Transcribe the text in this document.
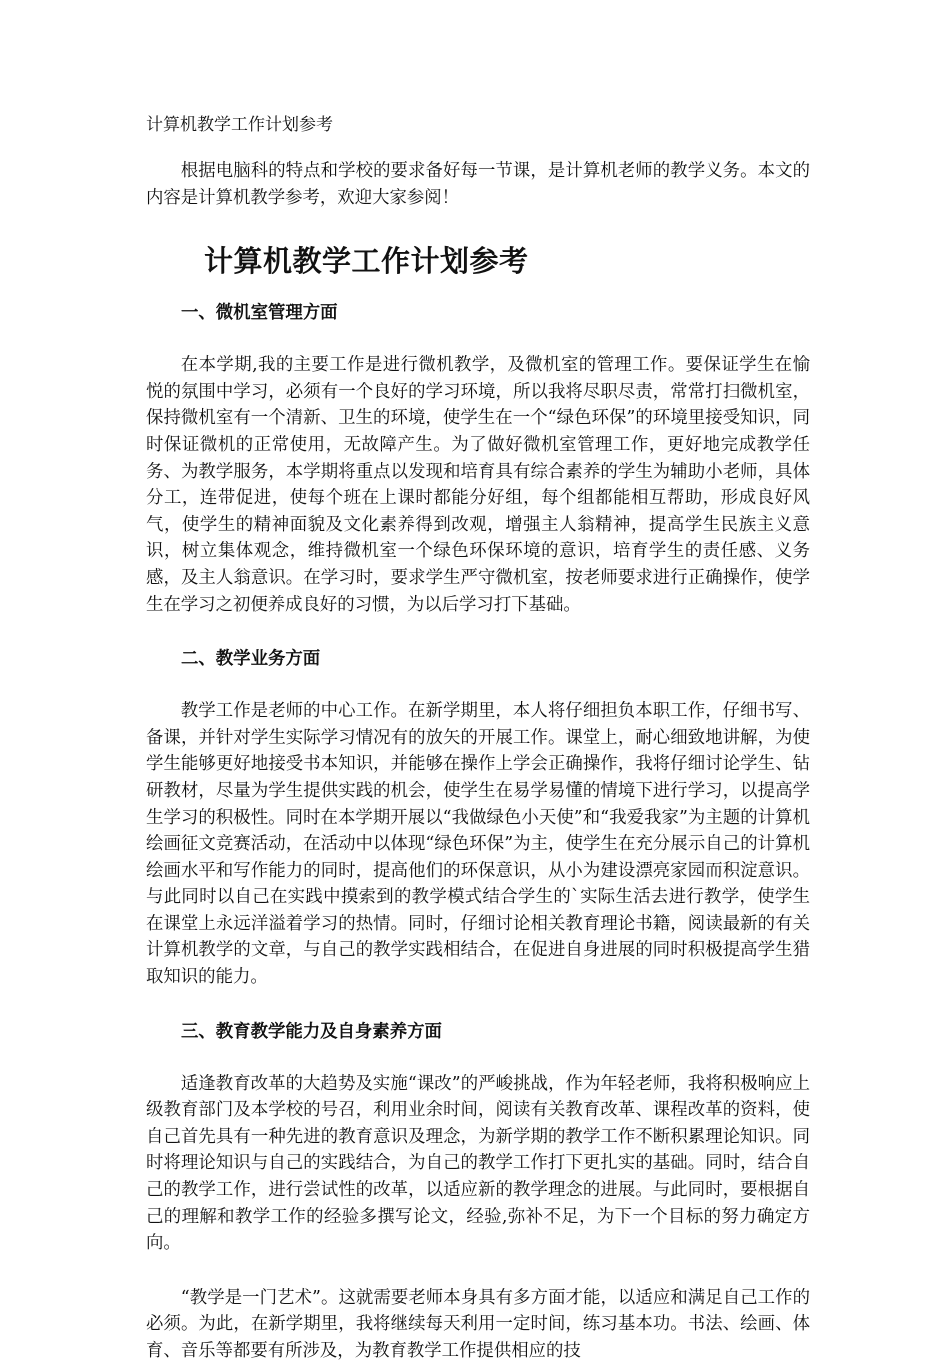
计算机教学工作计划参考

根据电脑科的特点和学校的要求备好每一节课，是计算机老师的教学义务。本文的内容是计算机教学参考，欢迎大家参阅！

计算机教学工作计划参考
一、微机室管理方面

在本学期,我的主要工作是进行微机教学，及微机室的管理工作。要保证学生在愉悦的氛围中学习，必须有一个良好的学习环境，所以我将尽职尽责，常常打扫微机室，保持微机室有一个清新、卫生的环境，使学生在一个“绿色环保”的环境里接受知识，同时保证微机的正常使用，无故障产生。为了做好微机室管理工作，更好地完成教学任务、为教学服务，本学期将重点以发现和培育具有综合素养的学生为辅助小老师，具体分工，连带促进，使每个班在上课时都能分好组，每个组都能相互帮助，形成良好风气，使学生的精神面貌及文化素养得到改观，增强主人翁精神，提高学生民族主义意识，树立集体观念，维持微机室一个绿色环保环境的意识，培育学生的责任感、义务感，及主人翁意识。在学习时，要求学生严守微机室，按老师要求进行正确操作，使学生在学习之初便养成良好的习惯，为以后学习打下基础。

二、教学业务方面

教学工作是老师的中心工作。在新学期里，本人将仔细担负本职工作，仔细书写、备课，并针对学生实际学习情况有的放矢的开展工作。课堂上，耐心细致地讲解，为使学生能够更好地接受书本知识，并能够在操作上学会正确操作，我将仔细讨论学生、钻研教材，尽量为学生提供实践的机会，使学生在易学易懂的情境下进行学习，以提高学生学习的积极性。同时在本学期开展以“我做绿色小天使”和“我爱我家”为主题的计算机绘画征文竞赛活动，在活动中以体现“绿色环保”为主，使学生在充分展示自己的计算机绘画水平和写作能力的同时，提高他们的环保意识，从小为建设漂亮家园而积淀意识。与此同时以自己在实践中摸索到的教学模式结合学生的`实际生活去进行教学，使学生在课堂上永远洋溢着学习的热情。同时，仔细讨论相关教育理论书籍，阅读最新的有关计算机教学的文章，与自己的教学实践相结合，在促进自身进展的同时积极提高学生猎取知识的能力。

三、教育教学能力及自身素养方面

适逢教育改革的大趋势及实施“课改”的严峻挑战，作为年轻老师，我将积极响应上级教育部门及本学校的号召，利用业余时间，阅读有关教育改革、课程改革的资料，使自己首先具有一种先进的教育意识及理念，为新学期的教学工作不断积累理论知识。同时将理论知识与自己的实践结合，为自己的教学工作打下更扎实的基础。同时，结合自己的教学工作，进行尝试性的改革，以适应新的教学理念的进展。与此同时，要根据自己的理解和教学工作的经验多撰写论文，经验,弥补不足，为下一个目标的努力确定方向。

“教学是一门艺术”。这就需要老师本身具有多方面才能，以适应和满足自己工作的必须。为此，在新学期里，我将继续每天利用一定时间，练习基本功。书法、绘画、体育、音乐等都要有所涉及，为教育教学工作提供相应的技
